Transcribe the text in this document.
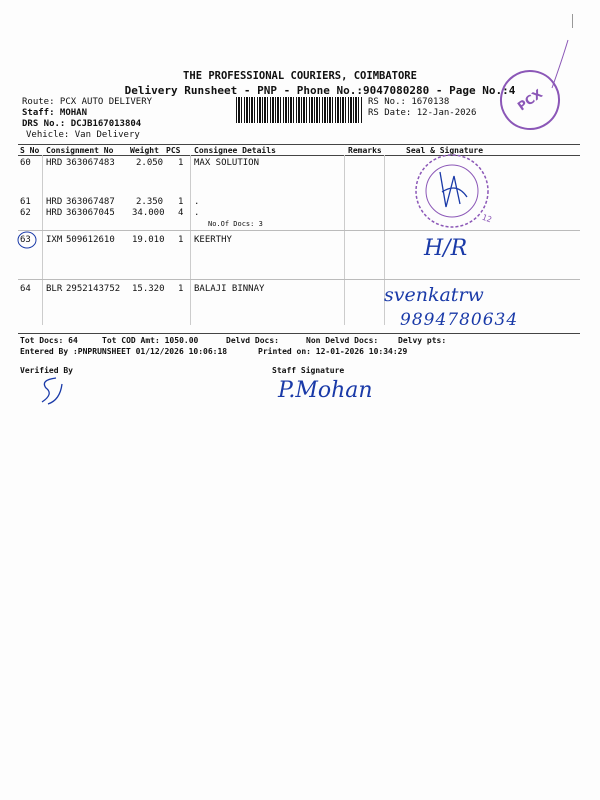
THE PROFESSIONAL COURIERS, COIMBATORE
Delivery Runsheet - PNP - Phone No.:9047080280 - Page No.:4
Route: PCX AUTO DELIVERY
Staff: MOHAN
DRS No.: DCJB167013804
Vehicle: Van Delivery
RS No.: 1670138
RS Date: 12-Jan-2026	PCX
S No Consignment No Weight PCS Consignee Details	Remarks	Seal & Signature
60 HRD 363067483 2.050 1 MAX SOLUTION
61 HRD 363067487 2.350 1 .
62 HRD 363067045 34.000 4 .
No.Of Docs: 3
63 IXM 509612610 19.010 1 KEERTHY
64 BLR 2952143752 15.320 1 BALAJI BINNAY
12
H/R
svenkatrw
9894780634
Tot Docs: 64	Tot COD Amt: 1050.00	Delvd Docs:	Non Delvd Docs: Delvy pts:
Entered By :PNPRUNSHEET 01/12/2026 10:06:18	Printed on: 12-01-2026 10:34:29
Verified By	Staff Signature
P.Mohan
